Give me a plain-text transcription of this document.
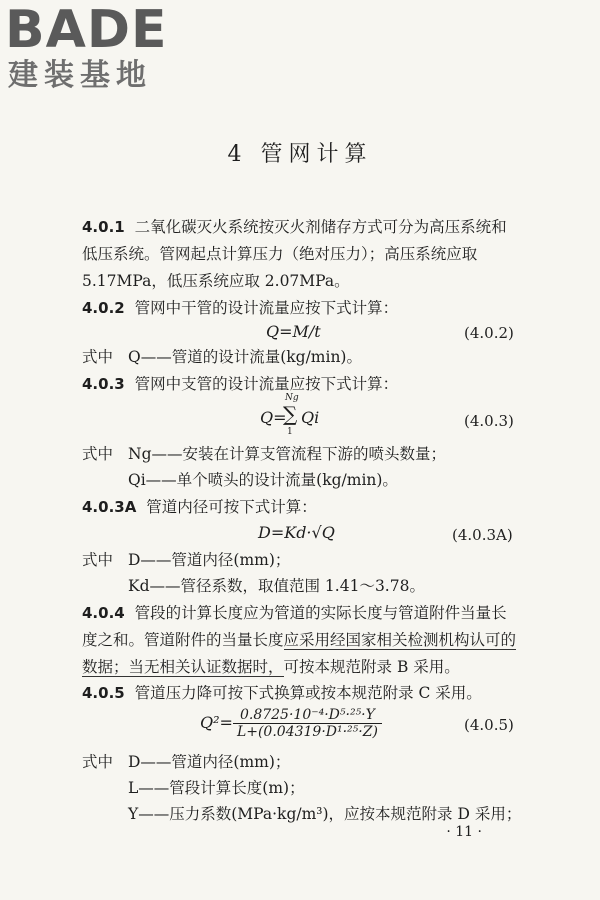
BADE
建装基地
4 管网计算
4.0.1 二氧化碳灭火系统按灭火剂储存方式可分为高压系统和
低压系统。管网起点计算压力（绝对压力）；高压系统应取
5.17MPa，低压系统应取 2.07MPa。
4.0.2 管网中干管的设计流量应按下式计算：
Q=M/t	(4.0.2)
式中 Q——管道的设计流量(kg/min)。
4.0.3 管网中支管的设计流量应按下式计算：
Q=
Ng
∑
1
Qi	(4.0.3)
式中 Ng——安装在计算支管流程下游的喷头数量；
Qi——单个喷头的设计流量(kg/min)。
4.0.3A 管道内径可按下式计算：
D=Kd·√Q	(4.0.3A)
式中 D——管道内径(mm)；
Kd——管径系数，取值范围 1.41～3.78。
4.0.4 管段的计算长度应为管道的实际长度与管道附件当量长
度之和。管道附件的当量长度应采用经国家相关检测机构认可的
数据；当无相关认证数据时，可按本规范附录 B 采用。
4.0.5 管道压力降可按下式换算或按本规范附录 C 采用。
$Q^2= \frac{\text{0.8725·10⁻⁴·D⁵·²⁵·Y}}{\text{L+(0.04319·D¹·²⁵·Z)}}$	(4.0.5)
式中 D——管道内径(mm)；
L——管段计算长度(m)；
Y——压力系数(MPa·kg/m³)，应按本规范附录 D 采用；
· 11 ·
